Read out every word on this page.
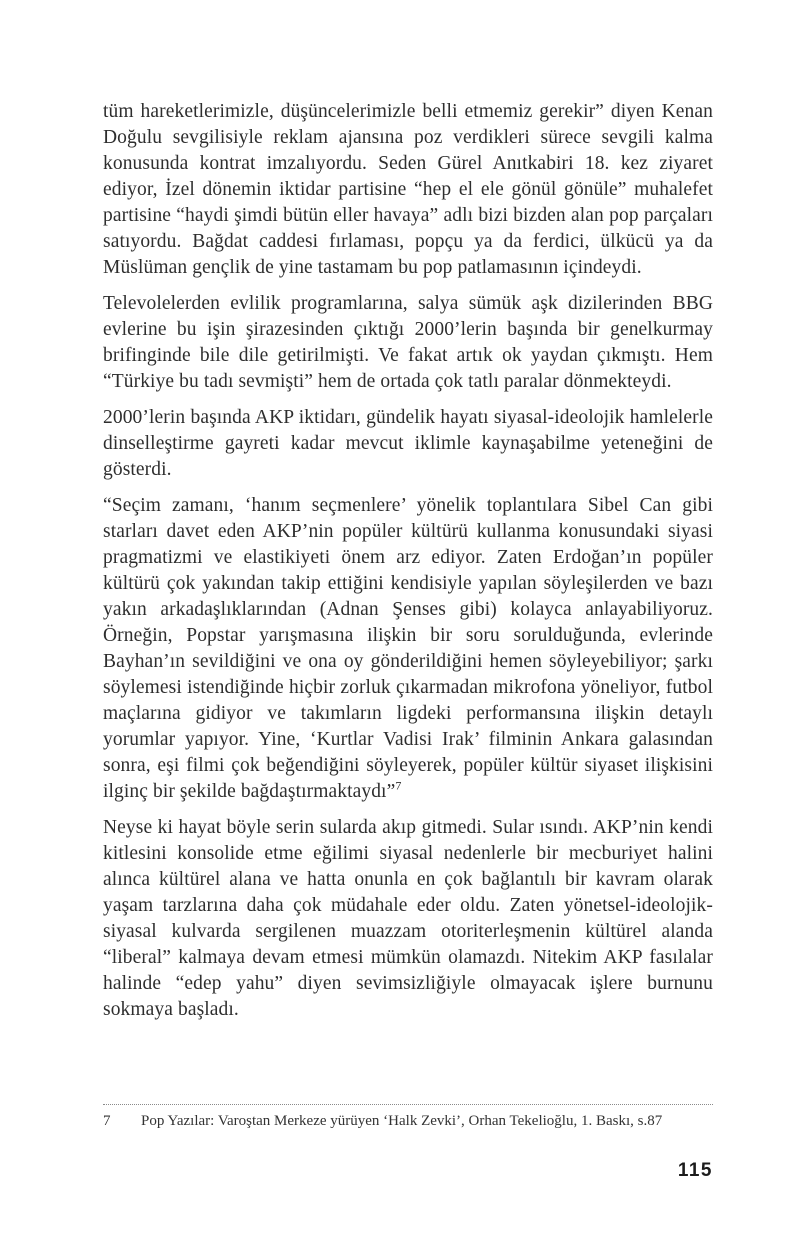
tüm hareketlerimizle, düşüncelerimizle belli etmemiz gerekir” diyen Kenan Doğulu sevgilisiyle reklam ajansına poz verdikleri sürece sevgili kalma konusunda kontrat imzalıyordu. Seden Gürel Anıtkabiri 18. kez ziyaret ediyor, İzel dönemin iktidar partisine “hep el ele gönül gönüle” muhalefet partisine “haydi şimdi bütün eller havaya” adlı bizi bizden alan pop parçaları satıyordu. Bağdat caddesi fırlaması, popçu ya da ferdici, ülkücü ya da Müslüman gençlik de yine tastamam bu pop patlamasının içindeydi.

Televolelerden evlilik programlarına, salya sümük aşk dizilerinden BBG evlerine bu işin şirazesinden çıktığı 2000’lerin başında bir genelkurmay brifinginde bile dile getirilmişti. Ve fakat artık ok yaydan çıkmıştı. Hem “Türkiye bu tadı sevmişti” hem de ortada çok tatlı paralar dönmekteydi.

2000’lerin başında AKP iktidarı, gündelik hayatı siyasal-ideolojik hamlelerle dinselleştirme gayreti kadar mevcut iklimle kaynaşabilme yeteneğini de gösterdi.

“Seçim zamanı, ‘hanım seçmenlere’ yönelik toplantılara Sibel Can gibi starları davet eden AKP’nin popüler kültürü kullanma konusundaki siyasi pragmatizmi ve elastikiyeti önem arz ediyor. Zaten Erdoğan’ın popüler kültürü çok yakından takip ettiğini kendisiyle yapılan söyleşilerden ve bazı yakın arkadaşlıklarından (Adnan Şenses gibi) kolayca anlayabiliyoruz. Örneğin, Popstar yarışmasına ilişkin bir soru sorulduğunda, evlerinde Bayhan’ın sevildiğini ve ona oy gönderildiğini hemen söyleyebiliyor; şarkı söylemesi istendiğinde hiçbir zorluk çıkarmadan mikrofona yöneliyor, futbol maçlarına gidiyor ve takımların ligdeki performansına ilişkin detaylı yorumlar yapıyor. Yine, ‘Kurtlar Vadisi Irak’ filminin Ankara galasından sonra, eşi filmi çok beğendiğini söyleyerek, popüler kültür siyaset ilişkisini ilginç bir şekilde bağdaştırmaktaydı”$^7$

Neyse ki hayat böyle serin sularda akıp gitmedi. Sular ısındı. AKP’nin kendi kitlesini konsolide etme eğilimi siyasal nedenlerle bir mecburiyet halini alınca kültürel alana ve hatta onunla en çok bağlantılı bir kavram olarak yaşam tarzlarına daha çok müdahale eder oldu. Zaten yönetsel-ideolojik-siyasal kulvarda sergilenen muazzam otoriterleşmenin kültürel alanda “liberal” kalmaya devam etmesi mümkün olamazdı. Nitekim AKP fasılalar halinde “edep yahu” diyen sevimsizliğiyle olmayacak işlere burnunu sokmaya başladı.

7	Pop Yazılar: Varoştan Merkeze yürüyen ‘Halk Zevki’, Orhan Tekelioğlu, 1. Baskı, s.87
115
